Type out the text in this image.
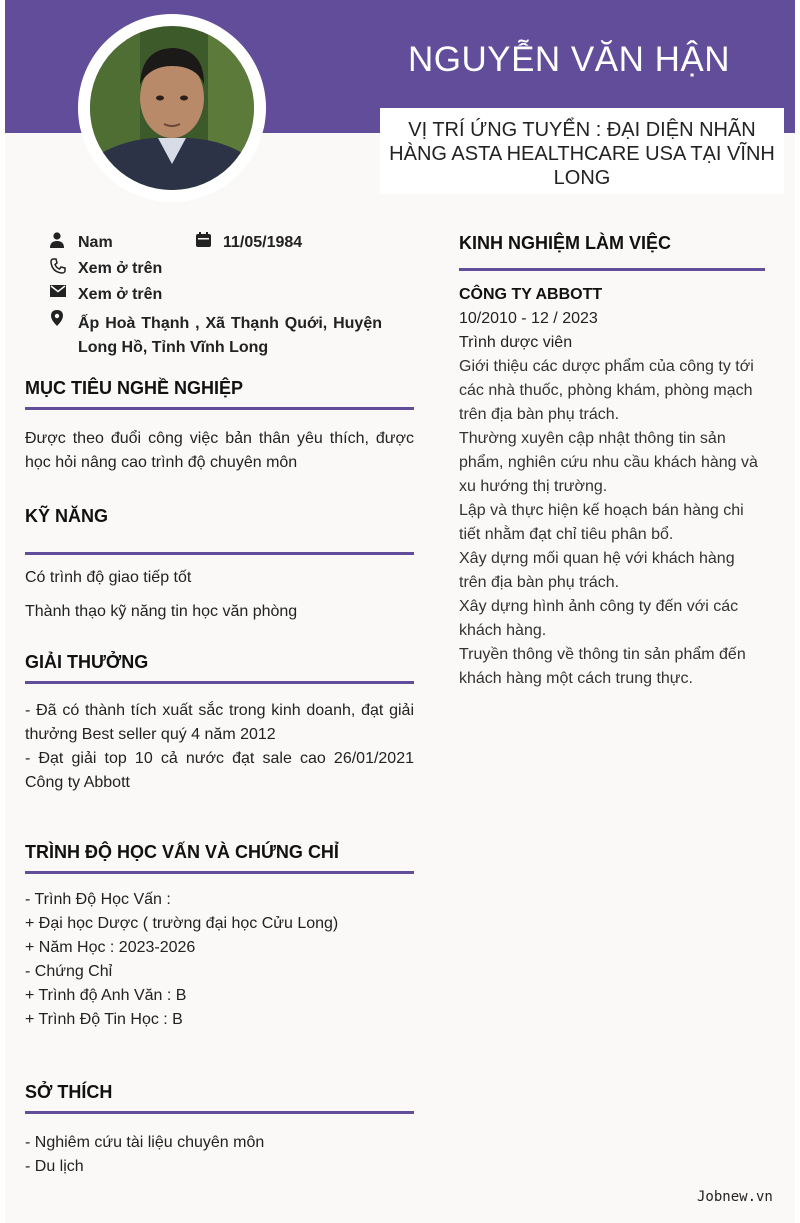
NGUYỄN VĂN HẬN
VỊ TRÍ ỨNG TUYỂN : ĐẠI DIỆN NHÃN HÀNG ASTA HEALTHCARE USA TẠI VĨNH LONG
Nam	11/05/1984
Xem ở trên
Xem ở trên
Ấp Hoà Thạnh , Xã Thạnh Quới, Huyện Long Hồ, Tỉnh Vĩnh Long
MỤC TIÊU NGHỀ NGHIỆP
Được theo đuổi công việc bản thân yêu thích, được học hỏi nâng cao trình độ chuyên môn
KỸ NĂNG
Có trình độ giao tiếp tốt
Thành thạo kỹ năng tin học văn phòng
GIẢI THƯỞNG
- Đã có thành tích xuất sắc trong kinh doanh, đạt giải thưởng Best seller quý 4 năm 2012
- Đạt giải top 10 cả nước đạt sale cao 26/01/2021 Công ty Abbott
TRÌNH ĐỘ HỌC VẤN VÀ CHỨNG CHỈ
- Trình Độ Học Vấn :
+ Đại học Dược ( trường đại học Cửu Long)
+ Năm Học : 2023-2026
- Chứng Chỉ
+ Trình độ Anh Văn : B
+ Trình Độ Tin Học : B
SỞ THÍCH
- Nghiêm cứu tài liệu chuyên môn
- Du lịch
KINH NGHIỆM LÀM VIỆC
CÔNG TY ABBOTT
10/2010 - 12 / 2023
Trình dược viên
Giới thiệu các dược phẩm của công ty tới các nhà thuốc, phòng khám, phòng mạch trên địa bàn phụ trách.
Thường xuyên cập nhật thông tin sản phẩm, nghiên cứu nhu cầu khách hàng và xu hướng thị trường.
Lập và thực hiện kế hoạch bán hàng chi tiết nhằm đạt chỉ tiêu phân bổ.
Xây dựng mối quan hệ với khách hàng trên địa bàn phụ trách.
Xây dựng hình ảnh công ty đến với các khách hàng.
Truyền thông về thông tin sản phẩm đến khách hàng một cách trung thực.
Jobnew.vn
